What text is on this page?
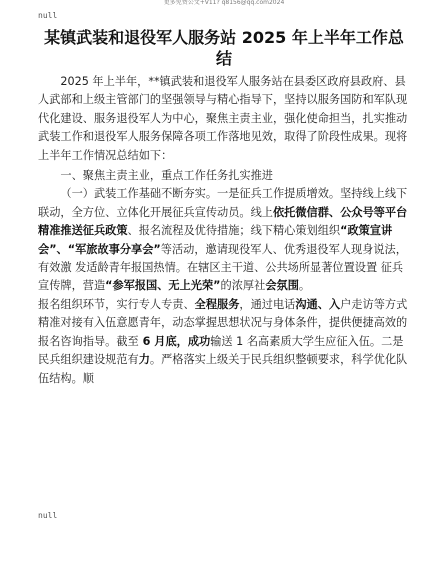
更多免费公文+V11? q8156@qq.com2024
null
某镇武装和退役军人服务站 2025 年上半年工作总结

2025 年上半年，**镇武装和退役军人服务站在县委区政府县政府、县人武部和上级主管部门的坚强领导与精心指导下，坚持以服务国防和军队现代化建设、服务退役军人为中心，聚焦主责主业，强化使命担当，扎实推动武装工作和退役军人服务保障各项工作落地见效，取得了阶段性成果。现将上半年工作情况总结如下：

一、聚焦主责主业，重点工作任务扎实推进

（一）武装工作基础不断夯实。一是征兵工作提质增效。坚持线上线下联动，全方位、立体化开展征兵宣传动员。线上依托微信群、公众号等平台精准推送征兵政策、报名流程及优待措施；线下精心策划组织“政策宣讲会”、“军旅故事分享会”等活动，邀请现役军人、优秀退役军人现身说法，有效激 发适龄青年报国热情。在辖区主干道、公共场所显著位置设置 征兵宣传牌，营造“参军报国、无上光荣”的浓厚社会氛围。

报名组织环节，实行专人专责、全程服务，通过电话沟通、入户走访等方式精准对接有入伍意愿青年，动态掌握思想状况与身体条件，提供便捷高效的报名咨询指导。截至 6 月底，成功输送 1 名高素质大学生应征入伍。二是民兵组织建设规范有力。严格落实上级关于民兵组织整顿要求，科学优化队伍结构。顺

null
